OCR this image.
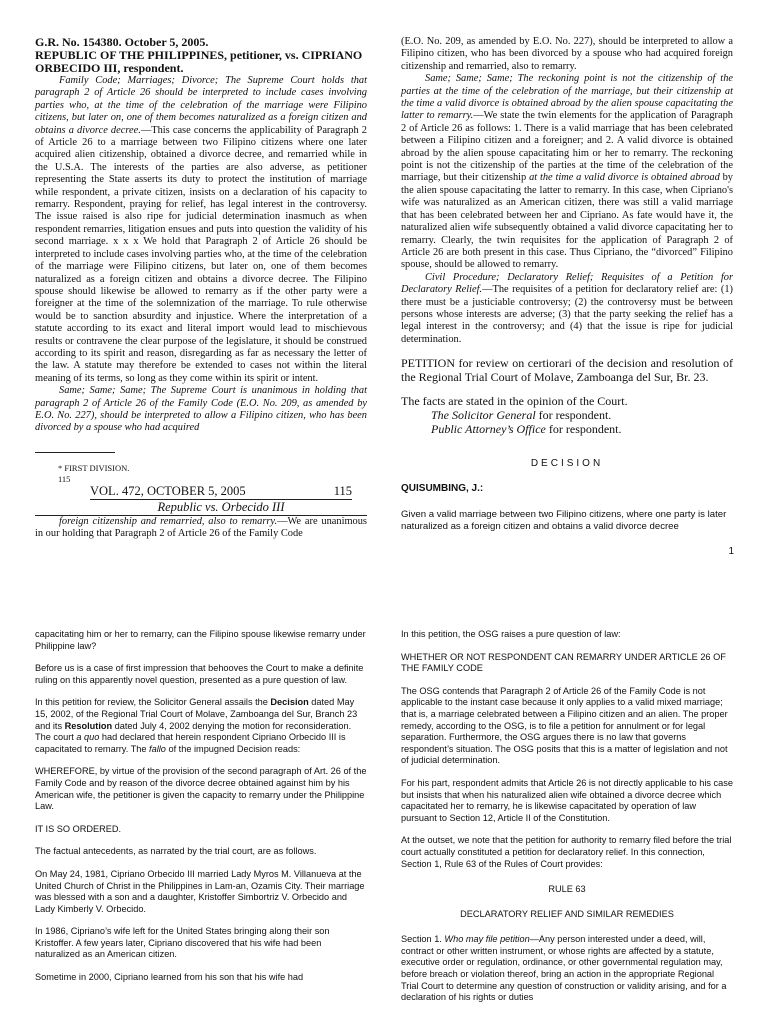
G.R. No. 154380. October 5, 2005.

REPUBLIC OF THE PHILIPPINES, petitioner, vs. CIPRIANO ORBECIDO III, respondent.

Family Code; Marriages; Divorce; The Supreme Court holds that paragraph 2 of Article 26 should be interpreted to include cases involving parties who, at the time of the celebration of the marriage were Filipino citizens, but later on, one of them becomes naturalized as a foreign citizen and obtains a divorce decree.—This case concerns the applicability of Paragraph 2 of Article 26 to a marriage between two Filipino citizens where one later acquired alien citizenship, obtained a divorce decree, and remarried while in the U.S.A. The interests of the parties are also adverse, as petitioner representing the State asserts its duty to protect the institution of marriage while respondent, a private citizen, insists on a declaration of his capacity to remarry. Respondent, praying for relief, has legal interest in the controversy. The issue raised is also ripe for judicial determination inasmuch as when respondent remarries, litigation ensues and puts into question the validity of his second marriage. x x x We hold that Paragraph 2 of Article 26 should be interpreted to include cases involving parties who, at the time of the celebration of the marriage were Filipino citizens, but later on, one of them becomes naturalized as a foreign citizen and obtains a divorce decree. The Filipino spouse should likewise be allowed to remarry as if the other party were a foreigner at the time of the solemnization of the marriage. To rule otherwise would be to sanction absurdity and injustice. Where the interpretation of a statute according to its exact and literal import would lead to mischievous results or contravene the clear purpose of the legislature, it should be construed according to its spirit and reason, disregarding as far as necessary the letter of the law. A statute may therefore be extended to cases not within the literal meaning of its terms, so long as they come within its spirit or intent.

Same; Same; Same; The Supreme Court is unanimous in holding that paragraph 2 of Article 26 of the Family Code (E.O. No. 209, as amended by E.O. No. 227), should be interpreted to allow a Filipino citizen, who has been divorced by a spouse who had acquired

* FIRST DIVISION.

115

VOL. 472, OCTOBER 5, 2005	115
Republic vs. Orbecido III
foreign citizenship and remarried, also to remarry.—We are unanimous in our holding that Paragraph 2 of Article 26 of the Family Code

(E.O. No. 209, as amended by E.O. No. 227), should be interpreted to allow a Filipino citizen, who has been divorced by a spouse who had acquired foreign citizenship and remarried, also to remarry.

Same; Same; Same; The reckoning point is not the citizenship of the parties at the time of the celebration of the marriage, but their citizenship at the time a valid divorce is obtained abroad by the alien spouse capacitating the latter to remarry.—We state the twin elements for the application of Paragraph 2 of Article 26 as follows: 1. There is a valid marriage that has been celebrated between a Filipino citizen and a foreigner; and 2. A valid divorce is obtained abroad by the alien spouse capacitating him or her to remarry. The reckoning point is not the citizenship of the parties at the time of the celebration of the marriage, but their citizenship at the time a valid divorce is obtained abroad by the alien spouse capacitating the latter to remarry. In this case, when Cipriano's wife was naturalized as an American citizen, there was still a valid marriage that has been celebrated between her and Cipriano. As fate would have it, the naturalized alien wife subsequently obtained a valid divorce capacitating her to remarry. Clearly, the twin requisites for the application of Paragraph 2 of Article 26 are both present in this case. Thus Cipriano, the “divorced” Filipino spouse, should be allowed to remarry.

Civil Procedure; Declaratory Relief; Requisites of a Petition for Declaratory Relief.—The requisites of a petition for declaratory relief are: (1) there must be a justiciable controversy; (2) the controversy must be between persons whose interests are adverse; (3) that the party seeking the relief has a legal interest in the controversy; and (4) that the issue is ripe for judicial determination.

PETITION for review on certiorari of the decision and resolution of the Regional Trial Court of Molave, Zamboanga del Sur, Br. 23.

The facts are stated in the opinion of the Court.

The Solicitor General for respondent.

Public Attorney’s Office for respondent.

DECISION
QUISUMBING, J.:
Given a valid marriage between two Filipino citizens, where one party is later naturalized as a foreign citizen and obtains a valid divorce decree
1

capacitating him or her to remarry, can the Filipino spouse likewise remarry under Philippine law?

Before us is a case of first impression that behooves the Court to make a definite ruling on this apparently novel question, presented as a pure question of law.

In this petition for review, the Solicitor General assails the Decision dated May 15, 2002, of the Regional Trial Court of Molave, Zamboanga del Sur, Branch 23 and its Resolution dated July 4, 2002 denying the motion for reconsideration. The court a quo had declared that herein respondent Cipriano Orbecido III is capacitated to remarry. The fallo of the impugned Decision reads:

WHEREFORE, by virtue of the provision of the second paragraph of Art. 26 of the Family Code and by reason of the divorce decree obtained against him by his American wife, the petitioner is given the capacity to remarry under the Philippine Law.

IT IS SO ORDERED.

The factual antecedents, as narrated by the trial court, are as follows.

On May 24, 1981, Cipriano Orbecido III married Lady Myros M. Villanueva at the United Church of Christ in the Philippines in Lam-an, Ozamis City. Their marriage was blessed with a son and a daughter, Kristoffer Simbortriz V. Orbecido and Lady Kimberly V. Orbecido.

In 1986, Cipriano’s wife left for the United States bringing along their son Kristoffer. A few years later, Cipriano discovered that his wife had been naturalized as an American citizen.

Sometime in 2000, Cipriano learned from his son that his wife had

In this petition, the OSG raises a pure question of law:

WHETHER OR NOT RESPONDENT CAN REMARRY UNDER ARTICLE 26 OF THE FAMILY CODE

The OSG contends that Paragraph 2 of Article 26 of the Family Code is not applicable to the instant case because it only applies to a valid mixed marriage; that is, a marriage celebrated between a Filipino citizen and an alien. The proper remedy, according to the OSG, is to file a petition for annulment or for legal separation. Furthermore, the OSG argues there is no law that governs respondent’s situation. The OSG posits that this is a matter of legislation and not of judicial determination.

For his part, respondent admits that Article 26 is not directly applicable to his case but insists that when his naturalized alien wife obtained a divorce decree which capacitated her to remarry, he is likewise capacitated by operation of law pursuant to Section 12, Article II of the Constitution.

At the outset, we note that the petition for authority to remarry filed before the trial court actually constituted a petition for declaratory relief. In this connection, Section 1, Rule 63 of the Rules of Court provides:

RULE 63

DECLARATORY RELIEF AND SIMILAR REMEDIES

Section 1. Who may file petition—Any person interested under a deed, will, contract or other written instrument, or whose rights are affected by a statute, executive order or regulation, ordinance, or other governmental regulation may, before breach or violation thereof, bring an action in the appropriate Regional Trial Court to determine any question of construction or validity arising, and for a declaration of his rights or duties
